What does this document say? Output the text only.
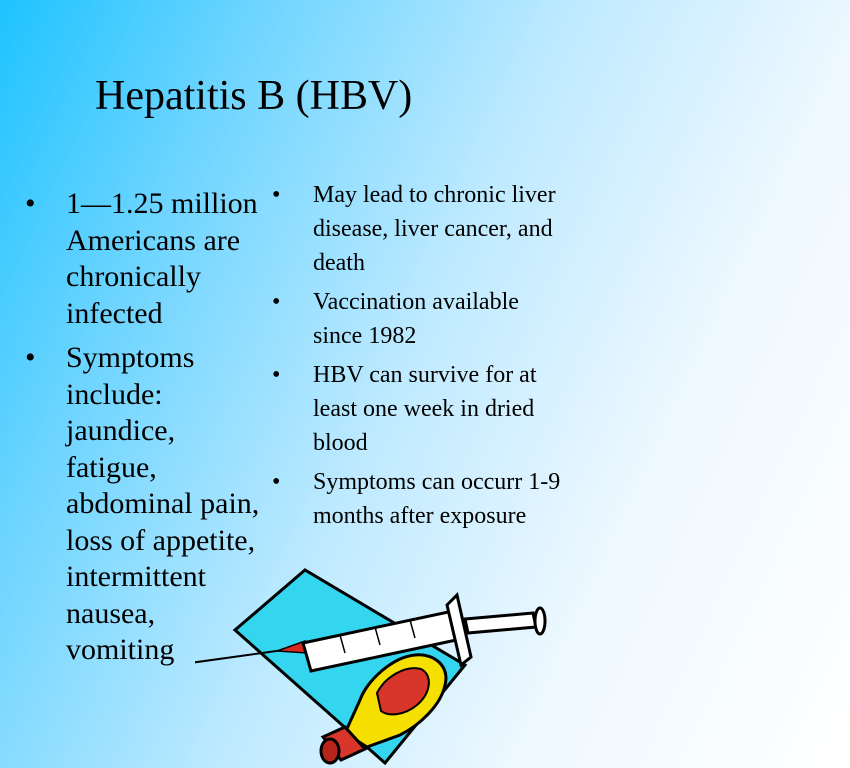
Hepatitis B (HBV)
• 1—1.25 million Americans are chronically infected
• Symptoms include: jaundice, fatigue, abdominal pain, loss of appetite, intermittent nausea, vomiting
• May lead to chronic liver disease, liver cancer, and death
• Vaccination available since 1982
• HBV can survive for at least one week in dried blood
• Symptoms can occurr 1-9 months after exposure
